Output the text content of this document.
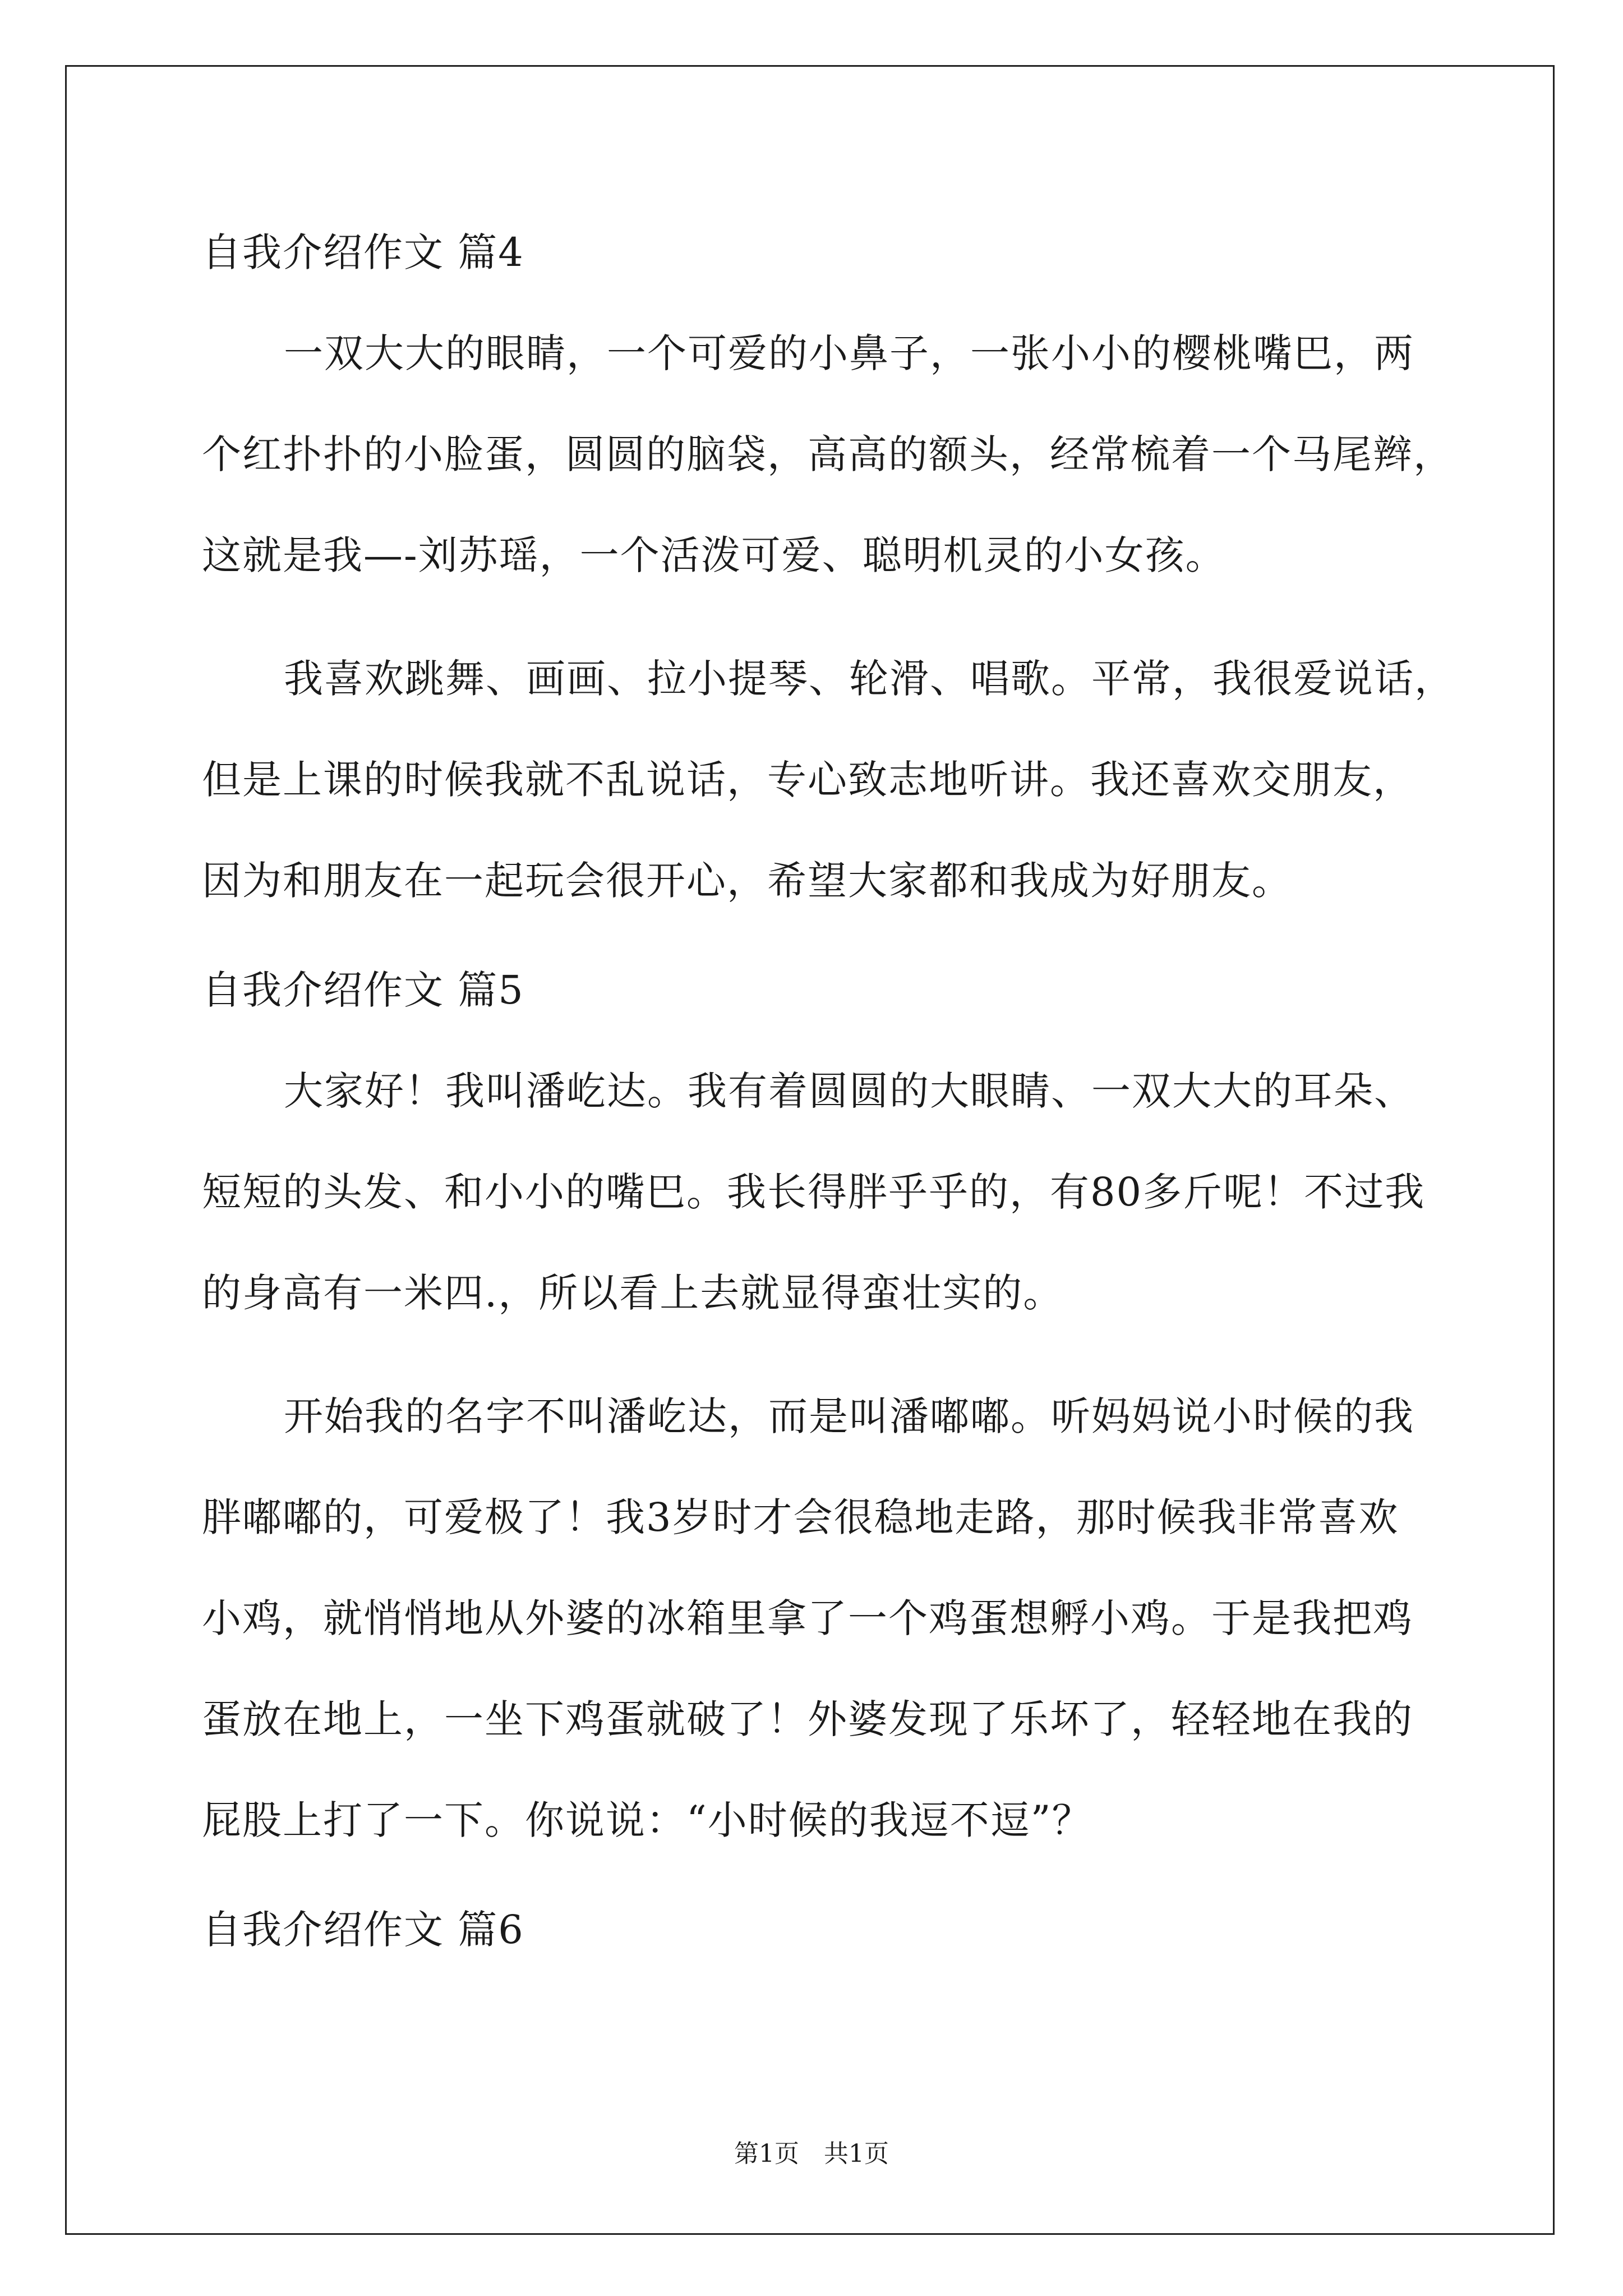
自我介绍作文 篇4
一双大大的眼睛，一个可爱的小鼻子，一张小小的樱桃嘴巴，两
个红扑扑的小脸蛋，圆圆的脑袋，高高的额头，经常梳着一个马尾辫，
这就是我—-刘苏瑶，一个活泼可爱、聪明机灵的小女孩。
我喜欢跳舞、画画、拉小提琴、轮滑、唱歌。平常，我很爱说话，
但是上课的时候我就不乱说话，专心致志地听讲。我还喜欢交朋友，
因为和朋友在一起玩会很开心，希望大家都和我成为好朋友。
自我介绍作文 篇5
大家好！我叫潘屹达。我有着圆圆的大眼睛、一双大大的耳朵、
短短的头发、和小小的嘴巴。我长得胖乎乎的，有80多斤呢！不过我
的身高有一米四.，所以看上去就显得蛮壮实的。
开始我的名字不叫潘屹达，而是叫潘嘟嘟。听妈妈说小时候的我
胖嘟嘟的，可爱极了！我3岁时才会很稳地走路，那时候我非常喜欢
小鸡，就悄悄地从外婆的冰箱里拿了一个鸡蛋想孵小鸡。于是我把鸡
蛋放在地上，一坐下鸡蛋就破了！外婆发现了乐坏了，轻轻地在我的
屁股上打了一下。你说说：“小时候的我逗不逗”？
自我介绍作文 篇6
第1页　共1页
